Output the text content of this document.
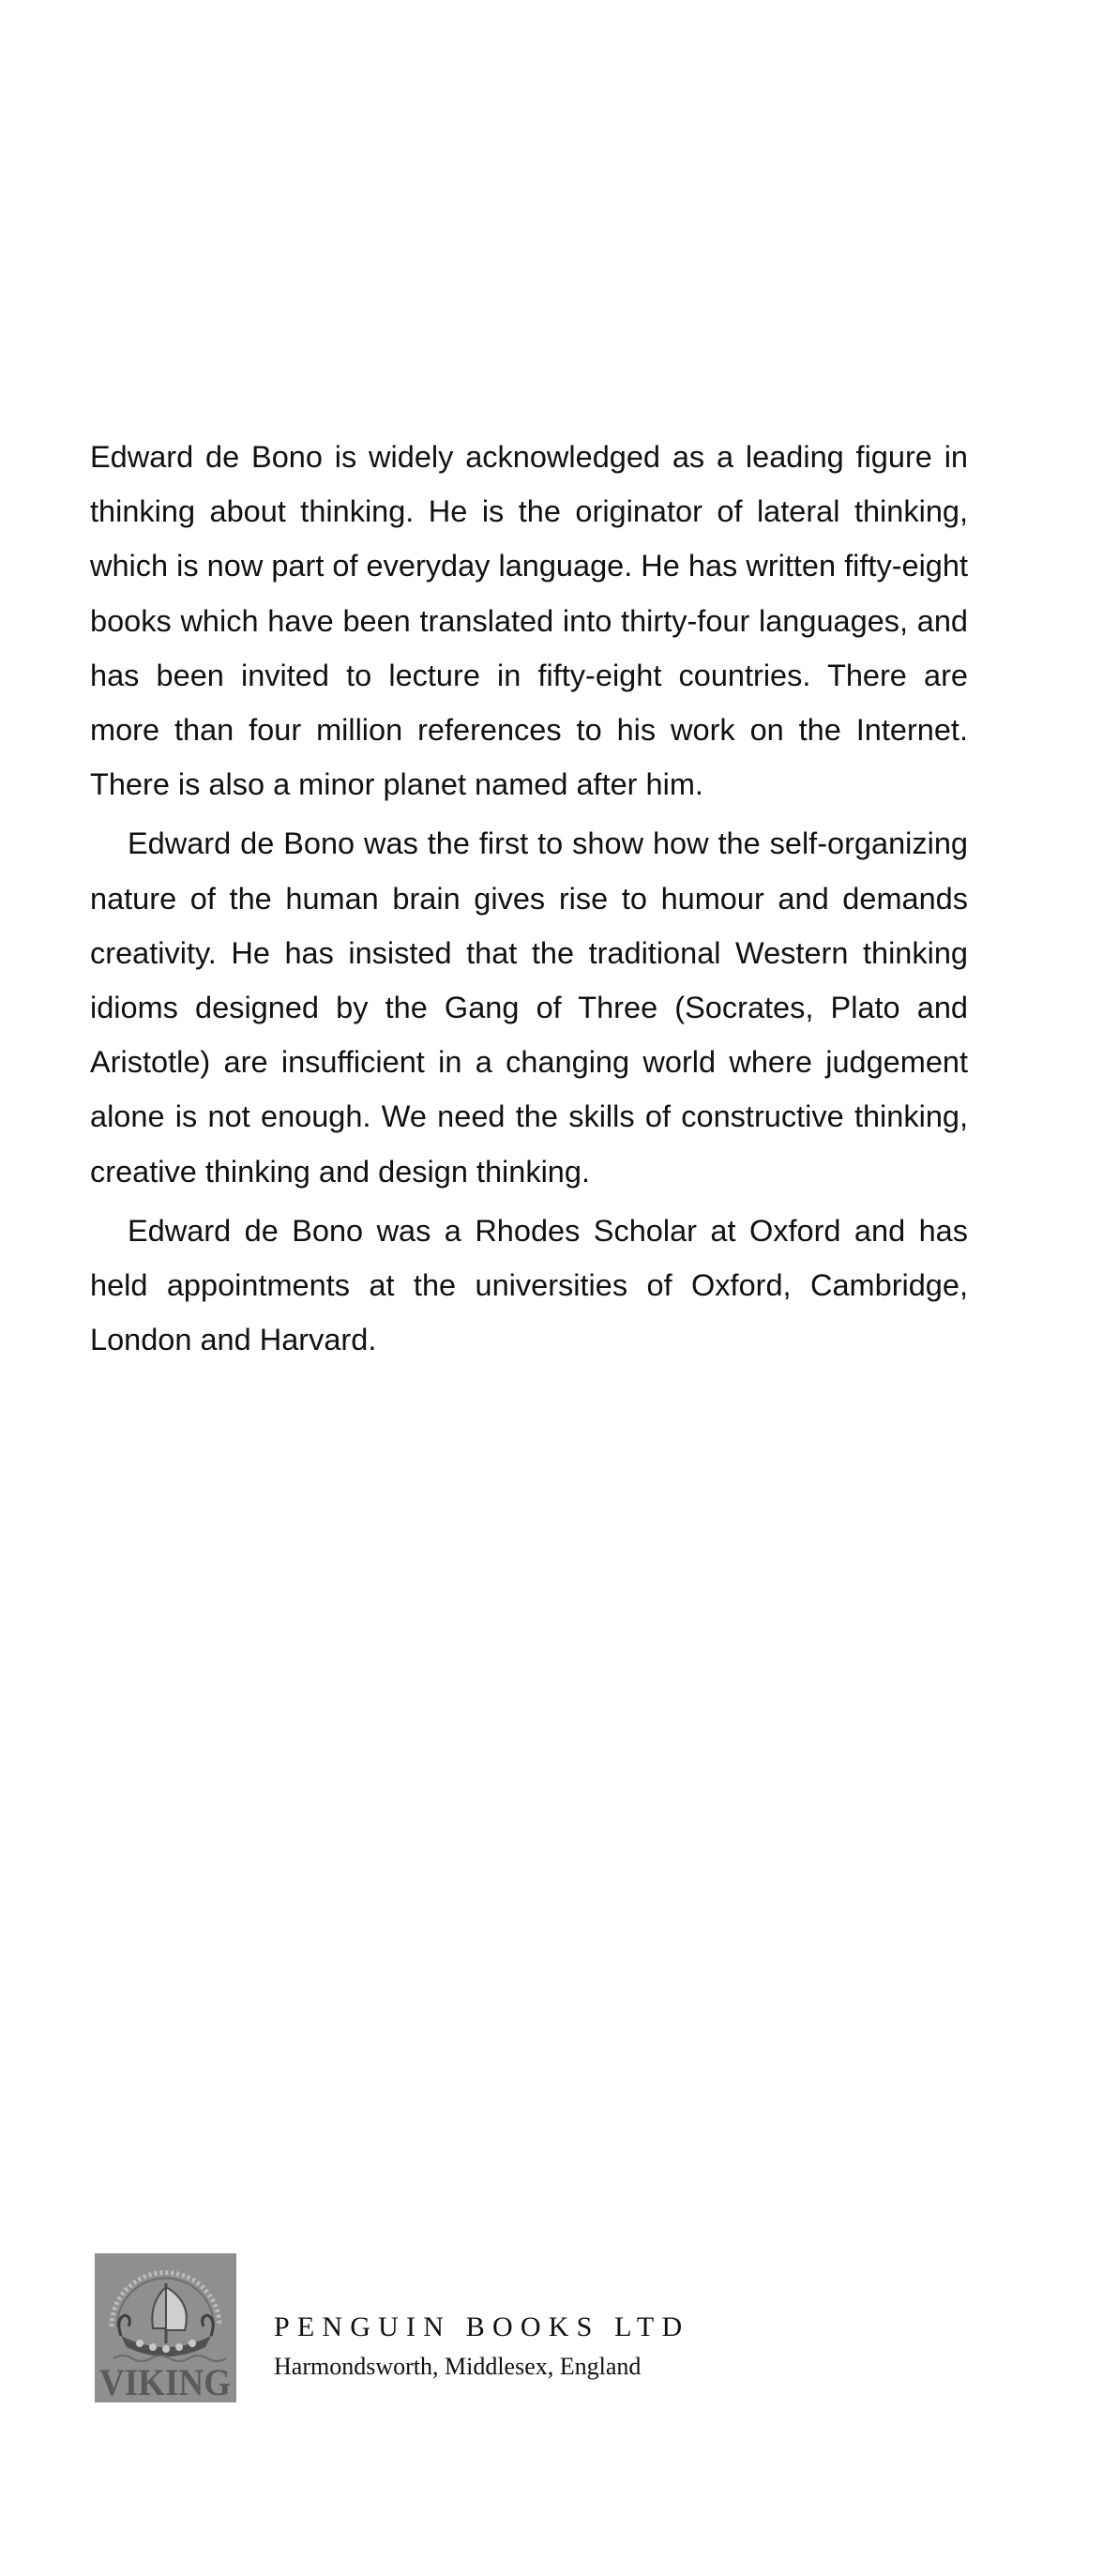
Edward de Bono is widely acknowledged as a leading figure in thinking about thinking. He is the originator of lateral thinking, which is now part of everyday language. He has written fifty-eight books which have been translated into thirty-four languages, and has been invited to lecture in fifty-eight countries. There are more than four million references to his work on the Internet. There is also a minor planet named after him.

Edward de Bono was the first to show how the self-organizing nature of the human brain gives rise to humour and demands creativity. He has insisted that the traditional Western thinking idioms designed by the Gang of Three (Socrates, Plato and Aristotle) are insufficient in a changing world where judgement alone is not enough. We need the skills of constructive thinking, creative thinking and design thinking.

Edward de Bono was a Rhodes Scholar at Oxford and has held appointments at the universities of Oxford, Cambridge, London and Harvard.

VIKING
PENGUIN BOOKS LTD
Harmondsworth, Middlesex, England
